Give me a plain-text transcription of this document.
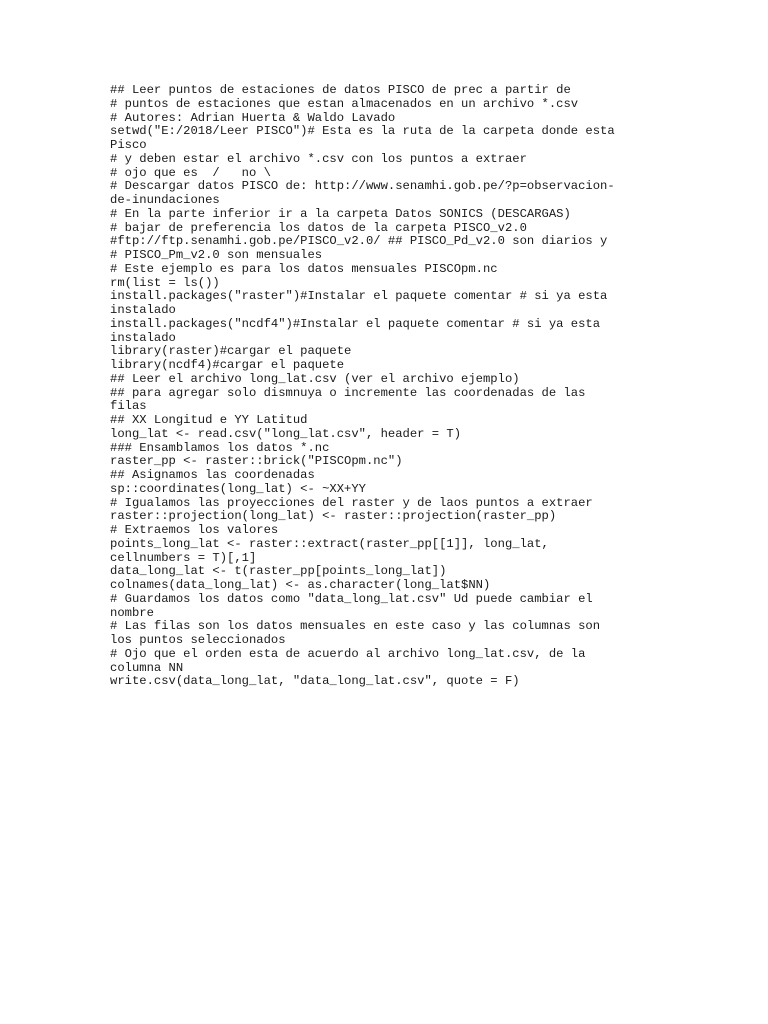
## Leer puntos de estaciones de datos PISCO de prec a partir de
# puntos de estaciones que estan almacenados en un archivo *.csv
# Autores: Adrian Huerta & Waldo Lavado
setwd("E:/2018/Leer PISCO")# Esta es la ruta de la carpeta donde esta
Pisco
# y deben estar el archivo *.csv con los puntos a extraer
# ojo que es  /   no \
# Descargar datos PISCO de: http://www.senamhi.gob.pe/?p=observacion-
de-inundaciones
# En la parte inferior ir a la carpeta Datos SONICS (DESCARGAS)
# bajar de preferencia los datos de la carpeta PISCO_v2.0
#ftp://ftp.senamhi.gob.pe/PISCO_v2.0/ ## PISCO_Pd_v2.0 son diarios y
# PISCO_Pm_v2.0 son mensuales
# Este ejemplo es para los datos mensuales PISCOpm.nc
rm(list = ls())
install.packages("raster")#Instalar el paquete comentar # si ya esta
instalado
install.packages("ncdf4")#Instalar el paquete comentar # si ya esta
instalado
library(raster)#cargar el paquete
library(ncdf4)#cargar el paquete
## Leer el archivo long_lat.csv (ver el archivo ejemplo)
## para agregar solo dismnuya o incremente las coordenadas de las
filas
## XX Longitud e YY Latitud
long_lat <- read.csv("long_lat.csv", header = T)
### Ensamblamos los datos *.nc
raster_pp <- raster::brick("PISCOpm.nc")
## Asignamos las coordenadas
sp::coordinates(long_lat) <- ~XX+YY
# Igualamos las proyecciones del raster y de laos puntos a extraer
raster::projection(long_lat) <- raster::projection(raster_pp)
# Extraemos los valores
points_long_lat <- raster::extract(raster_pp[[1]], long_lat,
cellnumbers = T)[,1]
data_long_lat <- t(raster_pp[points_long_lat])
colnames(data_long_lat) <- as.character(long_lat$NN)
# Guardamos los datos como "data_long_lat.csv" Ud puede cambiar el
nombre
# Las filas son los datos mensuales en este caso y las columnas son
los puntos seleccionados
# Ojo que el orden esta de acuerdo al archivo long_lat.csv, de la
columna NN
write.csv(data_long_lat, "data_long_lat.csv", quote = F)
